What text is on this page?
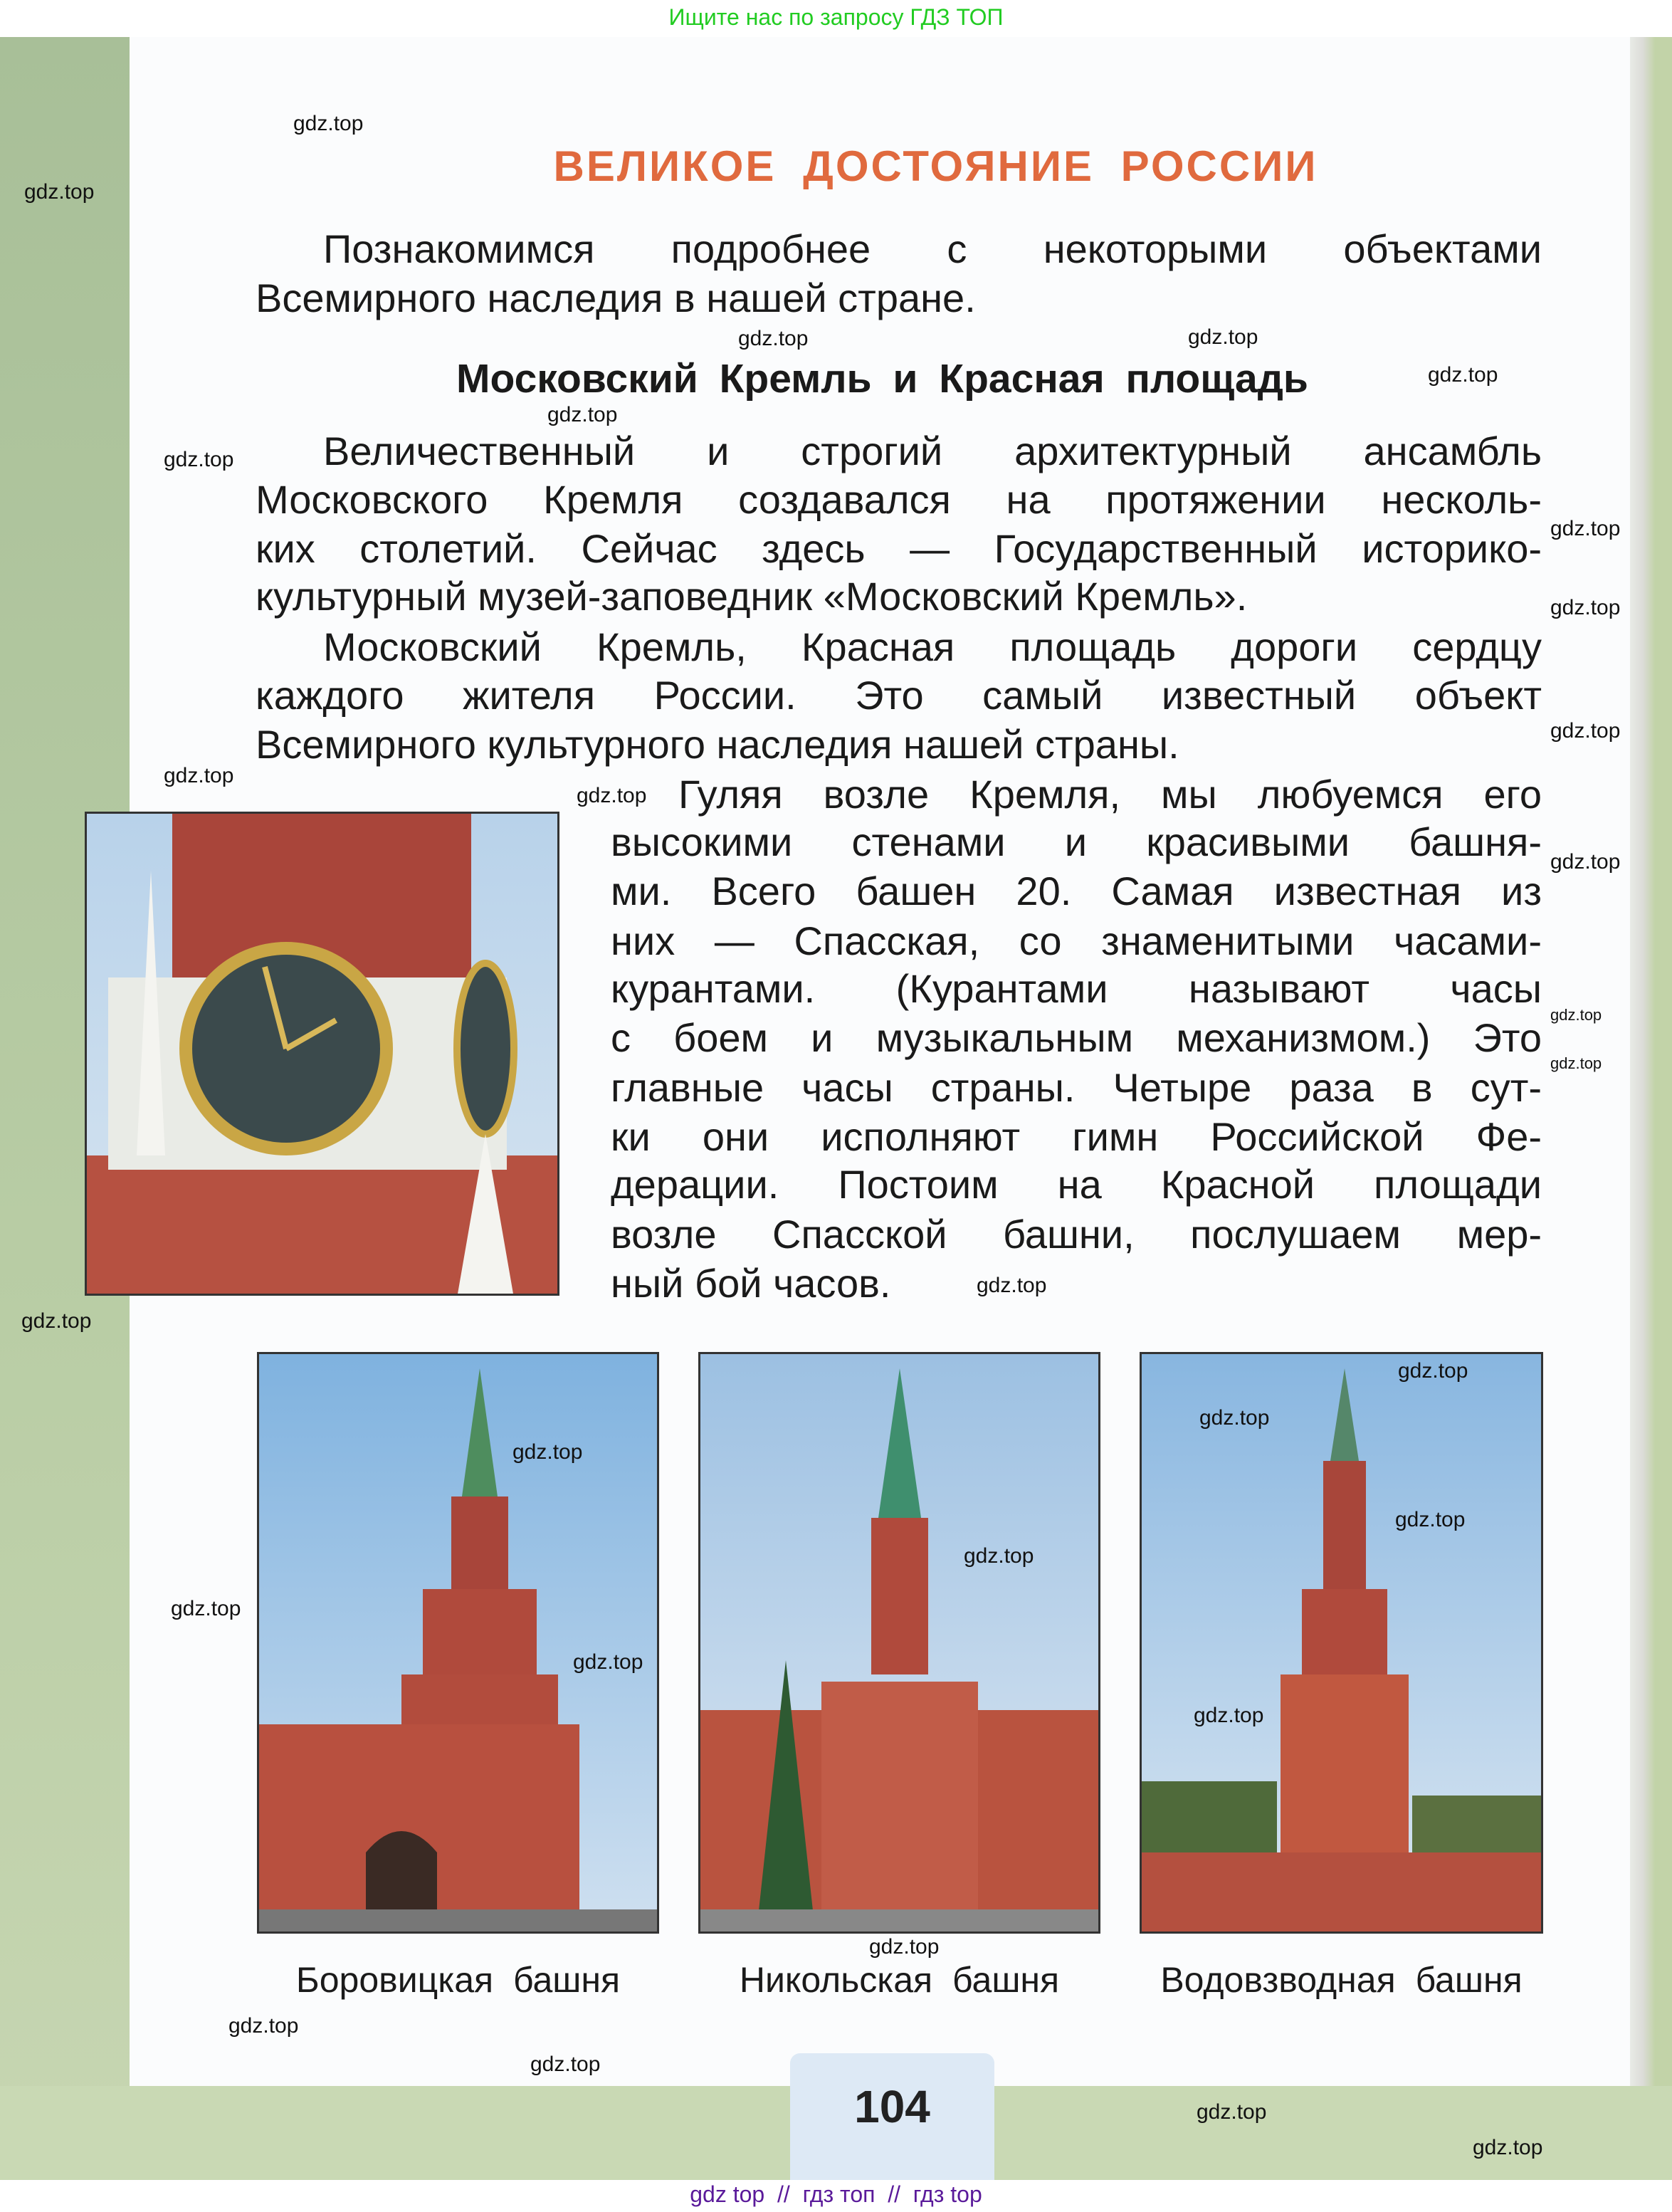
Ищите нас по запросу ГДЗ ТОП
ВЕЛИКОЕ ДОСТОЯНИЕ РОССИИ
Московский Кремль и Красная площадь
Познакомимся подробнее с некоторыми объектами
Всемирного наследия в нашей стране.
Величественный и строгий архитектурный ансамбль
Московского Кремля создавался на протяжении несколь-
ких столетий. Сейчас здесь — Государственный историко-
культурный музей-заповедник «Московский Кремль».
Московский Кремль, Красная площадь дороги сердцу
каждого жителя России. Это самый известный объект
Всемирного культурного наследия нашей страны.
Гуляя возле Кремля, мы любуемся его
высокими стенами и красивыми башня-
ми. Всего башен 20. Самая известная из
них — Спасская, со знаменитыми часами-
курантами. (Курантами называют часы
с боем и музыкальным механизмом.) Это
главные часы страны. Четыре раза в сут-
ки они исполняют гимн Российской Фе-
дерации. Постоим на Красной площади
возле Спасской башни, послушаем мер-
ный бой часов.
Боровицкая башня	Никольская башня	Водовзводная башня
104
gdz top  //  гдз топ  //  гдз top
gdz.top
gdz.top
gdz.top
gdz.top
gdz.top
gdz.top
gdz.top
gdz.top
gdz.top
gdz.top
gdz.top
gdz.top
gdz.top
gdz.top
gdz.top
gdz.top
gdz.top
gdz.top
gdz.top
gdz.top
gdz.top
gdz.top
gdz.top
gdz.top
gdz.top
gdz.top
gdz.top
gdz.top
gdz.top
gdz.top
